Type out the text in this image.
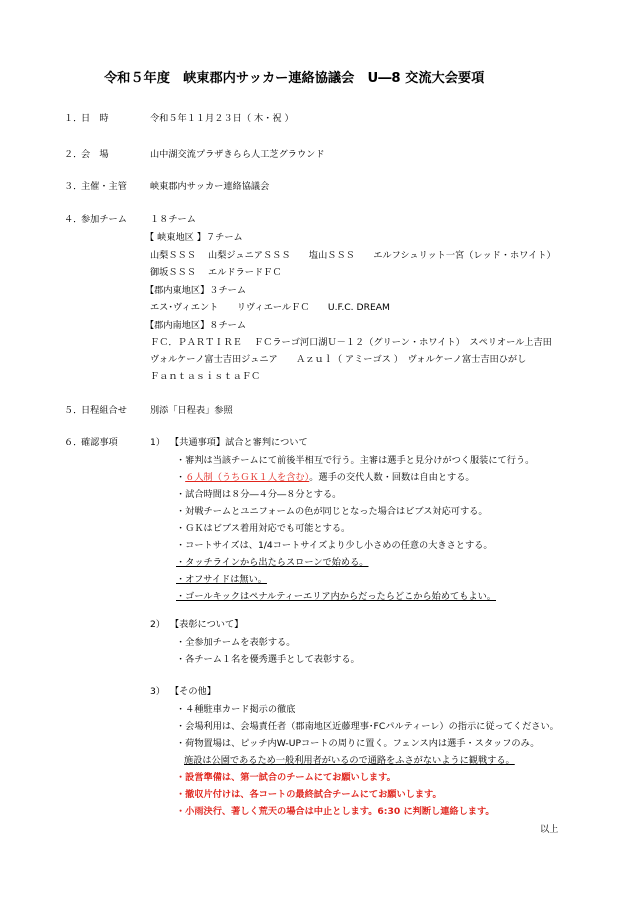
令和５年度　峡東郡内サッカー連絡協議会　U―8 交流大会要項
１．
日　時	令和５年１１月２３日（ 木・祝 ）
２．
会　場	山中湖交流プラザきらら人工芝グラウンド
３．
主催・主管	峡東郡内サッカー連絡協議会
４．
参加チーム	１８チーム
【 峡東地区 】７チーム
山梨ＳＳＳ　 山梨ジュニアＳＳＳ　　塩山ＳＳＳ　　エルフシュリット一宮（レッド・ホワイト）
御坂ＳＳＳ　 エルドラードＦＣ
【郡内東地区】３チーム
エス･ヴィエント　　リヴィエールＦＣ　　U.F.C. DREAM
【郡内南地区】８チーム
ＦＣ．ＰＡＲＴＩＲＥ　 ＦＣラーゴ河口湖Ｕ－１２（グリーン・ホワイト）　スペリオール上吉田
ヴォルケーノ富士吉田ジュニア　　Ａｚｕｌ（ アミーゴス ）　ヴォルケーノ富士吉田ひがし
ＦａｎｔａｓｉｓｔａＦＣ
５．
日程組合せ	別添「日程表」参照
６．
確認事項	1） 【共通事項】試合と審判について
・審判は当該チームにて前後半相互で行う。主審は選手と見分けがつく服装にて行う。
・６人制（うちＧＫ１人を含む）。選手の交代人数・回数は自由とする。
・試合時間は８分―４分―８分とする。
・対戦チームとユニフォームの色が同じとなった場合はビブス対応可する。
・ＧＫはビブス着用対応でも可能とする。
・コートサイズは、1/4コートサイズより少し小さめの任意の大きさとする。
・タッチラインから出たらスローンで始める。
・オフサイドは無い。
・ゴールキックはペナルティーエリア内からだったらどこから始めてもよい。
2） 【表彰について】
・全参加チームを表彰する。
・各チーム１名を優秀選手として表彰する。
3） 【その他】
・４種駐車カード掲示の徹底
・会場利用は、会場責任者（郡南地区近藤理事･FCパルティーレ）の指示に従ってください。
・荷物置場は、ピッチ内W-UPコートの周りに置く。フェンス内は選手・スタッフのみ。
施設は公園であるため一般利用者がいるので通路をふさがないように観戦する。
・設営準備は、第一試合のチームにてお願いします。
・撤収片付けは、各コートの最終試合チームにてお願いします。
・小雨決行、著しく荒天の場合は中止とします。6:30 に判断し連絡します。
以上
